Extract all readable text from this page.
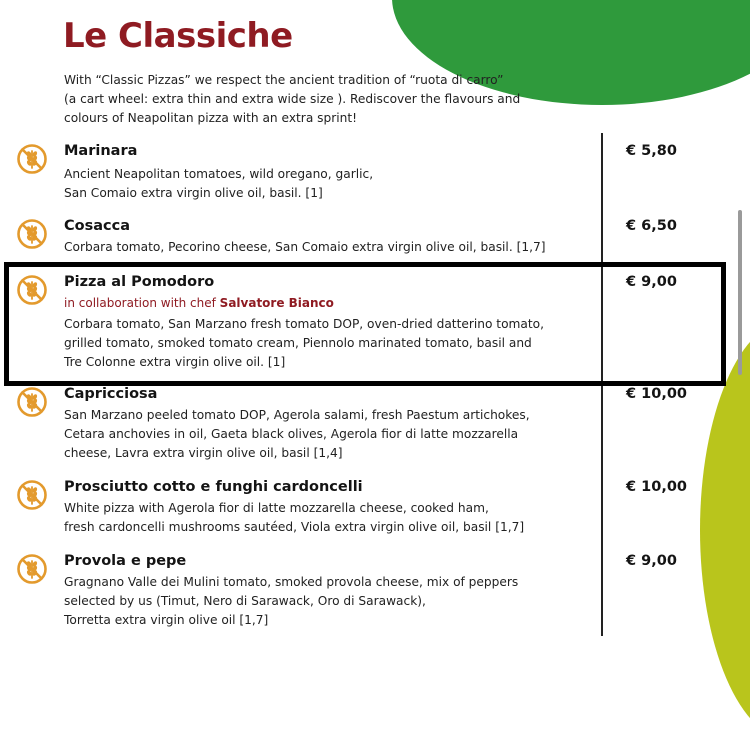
Le Classiche
With “Classic Pizzas” we respect the ancient tradition of “ruota di carro”
(a cart wheel: extra thin and extra wide size ). Rediscover the flavours and
colours of Neapolitan pizza with an extra sprint!
Marinara	€ 5,80
Ancient Neapolitan tomatoes, wild oregano, garlic,
San Comaio extra virgin olive oil, basil. [1]
Cosacca	€ 6,50
Corbara tomato, Pecorino cheese, San Comaio extra virgin olive oil, basil. [1,7]
Pizza al Pomodoro	€ 9,00
in collaboration with chef Salvatore Bianco
Corbara tomato, San Marzano fresh tomato DOP, oven-dried datterino tomato,
grilled tomato, smoked tomato cream, Piennolo marinated tomato, basil and
Tre Colonne extra virgin olive oil. [1]
Capricciosa	€ 10,00
San Marzano peeled tomato DOP, Agerola salami, fresh Paestum artichokes,
Cetara anchovies in oil, Gaeta black olives, Agerola fior di latte mozzarella
cheese, Lavra extra virgin olive oil, basil [1,4]
Prosciutto cotto e funghi cardoncelli	€ 10,00
White pizza with Agerola fior di latte mozzarella cheese, cooked ham,
fresh cardoncelli mushrooms sautéed, Viola extra virgin olive oil, basil [1,7]
Provola e pepe	€ 9,00
Gragnano Valle dei Mulini tomato, smoked provola cheese, mix of peppers
selected by us (Timut, Nero di Sarawack, Oro di Sarawack),
Torretta extra virgin olive oil [1,7]
